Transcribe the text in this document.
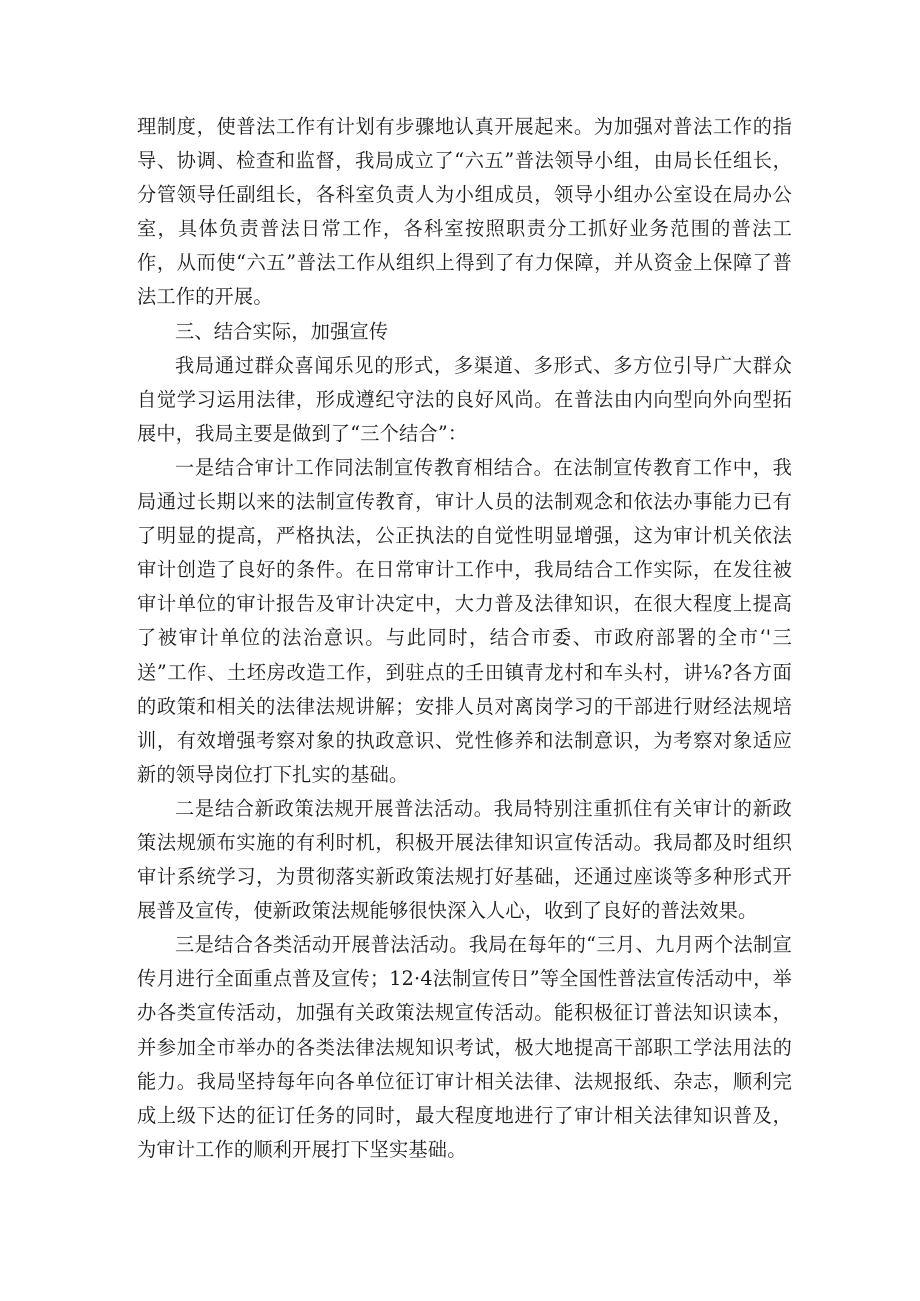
理制度，使普法工作有计划有步骤地认真开展起来。为加强对普法工作的指导、协调、检查和监督，我局成立了“六五”普法领导小组，由局长任组长，分管领导任副组长，各科室负责人为小组成员，领导小组办公室设在局办公室，具体负责普法日常工作，各科室按照职责分工抓好业务范围的普法工作，从而使“六五”普法工作从组织上得到了有力保障，并从资金上保障了普法工作的开展。

三、结合实际，加强宣传

我局通过群众喜闻乐见的形式，多渠道、多形式、多方位引导广大群众自觉学习运用法律，形成遵纪守法的良好风尚。在普法由内向型向外向型拓展中，我局主要是做到了“三个结合”：

一是结合审计工作同法制宣传教育相结合。在法制宣传教育工作中，我局通过长期以来的法制宣传教育，审计人员的法制观念和依法办事能力已有了明显的提高，严格执法，公正执法的自觉性明显增强，这为审计机关依法审计创造了良好的条件。在日常审计工作中，我局结合工作实际，在发往被审计单位的审计报告及审计决定中，大力普及法律知识，在很大程度上提高了被审计单位的法治意识。与此同时，结合市委、市政府部署的全市‘'三送”工作、土坯房改造工作，到驻点的壬田镇青龙村和车头村，讲⅛?各方面的政策和相关的法律法规讲解；安排人员对离岗学习的干部进行财经法规培训，有效增强考察对象的执政意识、党性修养和法制意识，为考察对象适应新的领导岗位打下扎实的基础。

二是结合新政策法规开展普法活动。我局特别注重抓住有关审计的新政策法规颁布实施的有利时机，积极开展法律知识宣传活动。我局都及时组织审计系统学习，为贯彻落实新政策法规打好基础，还通过座谈等多种形式开展普及宣传，使新政策法规能够很快深入人心，收到了良好的普法效果。

三是结合各类活动开展普法活动。我局在每年的“三月、九月两个法制宣传月进行全面重点普及宣传；12·4法制宣传日”等全国性普法宣传活动中，举办各类宣传活动，加强有关政策法规宣传活动。能积极征订普法知识读本，并参加全市举办的各类法律法规知识考试，极大地提高干部职工学法用法的能力。我局坚持每年向各单位征订审计相关法律、法规报纸、杂志，顺利完成上级下达的征订任务的同时，最大程度地进行了审计相关法律知识普及，为审计工作的顺利开展打下坚实基础。
